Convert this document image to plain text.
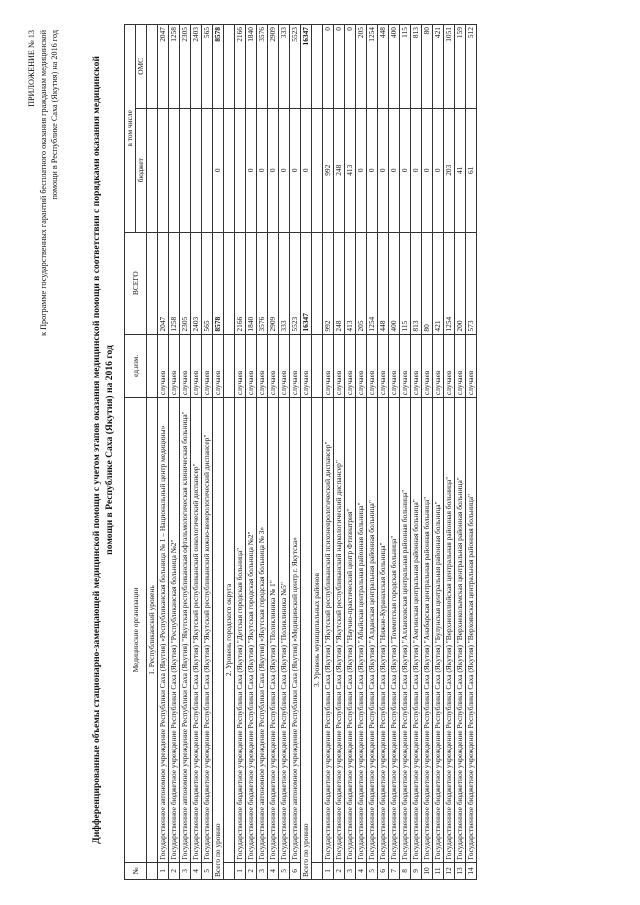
ПРИЛОЖЕНИЕ № 13 к Программе государственных гарантий бесплатного оказания гражданам медицинской помощи в Республике Саха (Якутия) на 2016 год	Дифференцированные объемы стационарно-замещающей медицинской помощи с учетом этапов оказания медицинской помощи в соответствии с порядками оказания медицинской помощи в Республике Саха (Якутия) на 2016 год
№	Медицинские организации	ед.изм.	ВСЕГО	в том числе	
				бюджет	ОМС
	1. Республиканский уровень				
1	Государственное автономное учреждение Республики Саха (Якутия) «Республиканская больница № 1 – Национальный центр медицины»	случаев	2047		2047
2	Государственное бюджетное учреждение Республики Саха (Якутия) "Республиканская больница №2"	случаев	1258		1258
3	Государственное автономное учреждение Республики Саха (Якутия) "Якутская республиканская офтальмологическая клиническая больница"	случаев	2305		2305
4	Государственное бюджетное учреждение Республики Саха (Якутия) "Якутский республиканский онкологический диспансер"	случаев	2403		2403
5	Государственное бюджетное учреждение Республики Саха (Якутия) "Якутский республиканский кожно-венерологический диспансер"	случаев	565		565
Всего по уровню		случаев	8578	0	8578
	2. Уровень городского округа				
1	Государственное бюджетное учреждение Республики Саха (Якутия) "Детская городская больница"	случаев	2166		2166
2	Государственное бюджетное учреждение Республики Саха (Якутия) "Якутская городская больница №2"	случаев	1840	0	1840
3	Государственное автономное учреждение Республики Саха (Якутия) «Якутская городская больница № 3»	случаев	3576	0	3576
4	Государственное бюджетное учреждение Республики Саха (Якутия) "Поликлиника № 1"	случаев	2909	0	2909
5	Государственное бюджетное учреждение Республики Саха (Якутия) "Поликлиника №5"	случаев	333	0	333
6	Государственное автономное учреждение Республики Саха (Якутия) «Медицинский центр г. Якутска»	случаев	5523	0	5523
Всего по уровню		случаев	16347	0	16347
	3. Уровень муниципальных районов				
1	Государственное бюджетное учреждение Республики Саха (Якутия) "Якутский республиканский психоневрологический диспансер"	случаев	992	992	0
2	Государственное бюджетное учреждение Республики Саха (Якутия) "Якутский республиканский наркологический диспансер"	случаев	248	248	0
3	Государственное бюджетное учреждение Республики Саха (Якутия) "Научно-практический центр Фтизиатрия"	случаев	413	413	0
4	Государственное бюджетное учреждение Республики Саха (Якутия) "Абыйская центральная районная больница"	случаев	205	0	205
5	Государственное бюджетное учреждение Республики Саха (Якутия) "Алданская центральная районная больница"	случаев	1254	0	1254
6	Государственное бюджетное учреждение Республики Саха (Якутия) "Нижне-Куранахская больница"	случаев	448	0	448
7	Государственное бюджетное учреждение Республики Саха (Якутия) "Томмотская городская больница"	случаев	400	0	400
8	Государственное бюджетное учреждение Республики Саха (Якутия) "Аллаиховская центральная районная больница"	случаев	115	0	115
9	Государственное бюджетное учреждение Республики Саха (Якутия) "Амгинская центральная районная больница"	случаев	813	0	813
10	Государственное бюджетное учреждение Республики Саха (Якутия) "Анабарская центральная районная больница"	случаев	80	0	80
11	Государственное бюджетное учреждение Республики Саха (Якутия) "Булунская центральная районная больница"	случаев	421	0	421
12	Государственное бюджетное учреждение Республики Саха (Якутия) "Верхневилюйская центральная районная больница"	случаев	1254	203	1051
13	Государственное бюджетное учреждение Республики Саха (Якутия) "Верхнеколымская центральная районная больница"	случаев	200	41	159
14	Государственное бюджетное учреждение Республики Саха (Якутия) "Верхоянская центральная районная больница"	случаев	573	61	512
